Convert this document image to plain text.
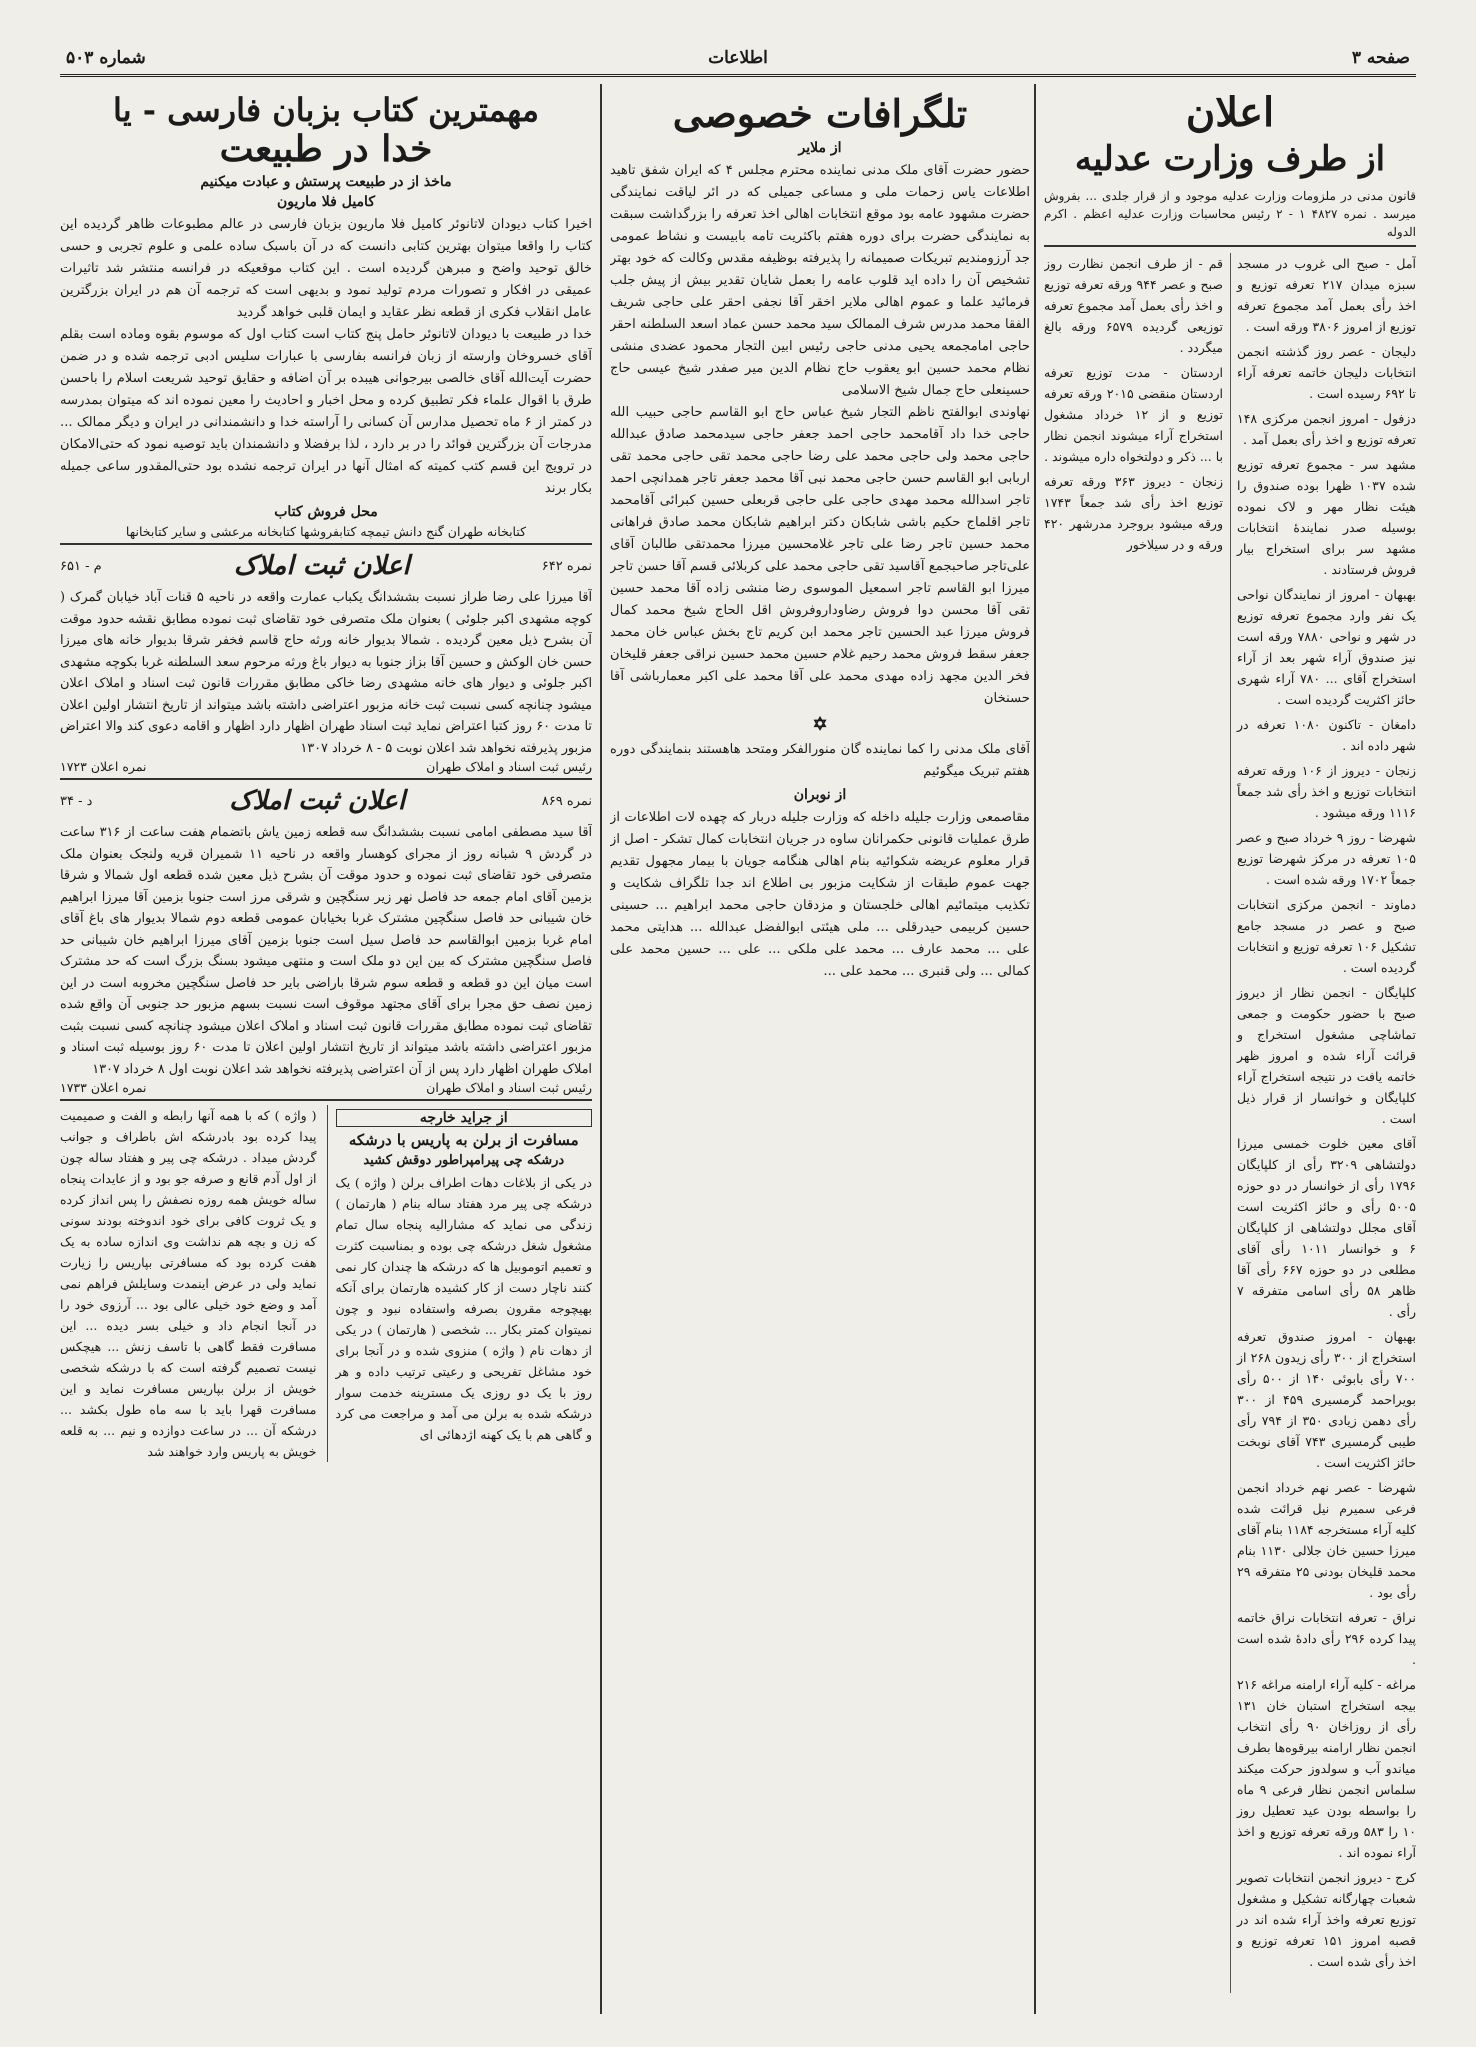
صفحه ۳
اطلاعات
شماره ۵۰۳
اعلان
از طرف وزارت عدلیه

قانون مدنی در ملزومات وزارت عدلیه موجود و از قرار جلدی ... بفروش میرسد . نمره ۴۸۲۷ ۱ - ۲ رئیس محاسبات وزارت عدلیه اعظم . اکرم الدوله

آمل - صبح الی غروب در مسجد سبزه میدان ۲۱۷ تعرفه توزیع و اخذ رأی بعمل آمد مجموع تعرفه توزیع از امروز ۳۸۰۶ ورقه است .

دلیجان - عصر روز گذشته انجمن انتخابات دلیجان خاتمه تعرفه آراء تا ۶۹۲ رسیده است .

دزفول - امروز انجمن مرکزی ۱۴۸ تعرفه توزیع و اخذ رأی بعمل آمد .

مشهد سر - مجموع تعرفه توزیع شده ۱۰۳۷ ظهرا بوده صندوق را هیئت نظار مهر و لاک نموده بوسیله صدر نمایندهٔ انتخابات مشهد سر برای استخراج بیار فروش فرستادند .

بهبهان - امروز از نمایندگان نواحی یک نفر وارد مجموع تعرفه توزیع در شهر و نواحی ۷۸۸۰ ورقه است نیز صندوق آراء شهر بعد از آراء استخراج آقای ... ۷۸۰ آراء شهری حائز اکثریت گردیده است .

دامغان - تاکنون ۱۰۸۰ تعرفه در شهر داده اند .

زنجان - دیروز از ۱۰۶ ورقه تعرفه انتخابات توزیع و اخذ رأی شد جمعاً ۱۱۱۶ ورقه میشود .

شهرضا - روز ۹ خرداد صبح و عصر ۱۰۵ تعرفه در مرکز شهرضا توزیع جمعاً ۱۷۰۲ ورقه شده است .

دماوند - انجمن مرکزی انتخابات صبح و عصر در مسجد جامع تشکیل ۱۰۶ تعرفه توزیع و انتخابات گردیده است .

کلپایگان - انجمن نظار از دیروز صبح با حضور حکومت و جمعی تماشاچی مشغول استخراج و قرائت آراء شده و امروز ظهر خاتمه یافت در نتیجه استخراج آراء کلپایگان و خوانسار از قرار ذیل است .

آقای معین خلوت خمسی میرزا دولتشاهی ۳۲۰۹ رأی از کلپایگان ۱۷۹۶ رأی از خوانسار در دو حوزه ۵۰۰۵ رأی و حائز اکثریت است آقای مجلل دولتشاهی از کلپایگان ۶ و خوانسار ۱۰۱۱ رأی آقای مطلعی در دو حوزه ۶۶۷ رأی آقا ظاهر ۵۸ رأی اسامی متفرقه ۷ رأی .

بهبهان - امروز صندوق تعرفه استخراج از ۳۰۰ رأی زیدون ۲۶۸ از ۷۰۰ رأی بابوئی ۱۴۰ از ۵۰۰ رأی بویراحمد گرمسیری ۴۵۹ از ۳۰۰ رأی دهمن زیادی ۳۵۰ از ۷۹۴ رأی طیبی گرمسیری ۷۴۳ آقای نوبخت حائز اکثریت است .

شهرضا - عصر نهم خرداد انجمن فرعی سمیرم نیل قرائت شده کلیه آراء مستخرجه ۱۱۸۴ بنام آقای میرزا حسین خان جلالی ۱۱۳۰ بنام محمد قلیخان بودنی ۲۵ متفرقه ۲۹ رأی بود .

نراق - تعرفه انتخابات نراق خاتمه پیدا کرده ۲۹۶ رأی دادهٔ شده است .

مراغه - کلیه آراء ارامنه مراغه ۲۱۶ بیجه استخراج استبان خان ۱۳۱ رأی از روزاخان ۹۰ رأی انتخاب انجمن نظار ارامنه بیرقوه‌ها بطرف میاندو آب و سولدوز حرکت میکند سلماس انجمن نظار فرعی ۹ ماه را بواسطه بودن عید تعطیل روز ۱۰ را ۵۸۳ ورقه تعرفه توزیع و اخذ آراء نموده اند .

کرج - دیروز انجمن انتخابات تصویر شعبات چهارگانه تشکیل و مشغول توزیع تعرفه واخذ آراء شده اند در قصبه امروز ۱۵۱ تعرفه توزیع و اخذ رأی شده است .

قم - از طرف انجمن نظارت روز صبح و عصر ۹۴۴ ورقه تعرفه توزیع و اخذ رأی بعمل آمد مجموع تعرفه توزیعی گردیده ۶۵۷۹ ورقه بالغ میگردد .

اردستان - مدت توزیع تعرفه اردستان منقضی ۲۰۱۵ ورقه تعرفه توزیع و از ۱۲ خرداد مشغول استخراج آراء میشوند انجمن نظار با ... ذکر و دولتخواه داره میشوند .

زنجان - دیروز ۳۶۳ ورقه تعرفه توزیع اخذ رأی شد جمعاً ۱۷۴۳ ورقه میشود بروجرد مدرشهر ۴۲۰ ورقه و در سیلاخور

تلگرافات خصوصی
از ملایر

حضور حضرت آقای ملک مدنی نماینده محترم مجلس ۴ که ایران شفق تاهید اطلاعات یاس زحمات ملی و مساعی جمیلی که در ائر لیاقت نمایندگی حضرت مشهود عامه بود موقع انتخابات اهالی اخذ تعرفه را بزرگداشت سبقت به نمایندگی حضرت برای دوره هفتم باکثریت تامه بابیست و نشاط عمومی جد آرزومندیم تبریکات صمیمانه را پذیرفته بوظیفه مقدس وکالت که خود بهتر تشخیص آن را داده اید قلوب عامه را بعمل شایان تقدیر بیش از پیش جلب فرمائید علما و عموم اهالی ملایر اخقر آقا نجفی احقر علی حاجی شریف الفقا محمد مدرس شرف الممالک سید محمد حسن عماد اسعد السلطنه احقر حاجی امامجمعه یحیی مدنی حاجی رئیس ابین التجار محمود عضدی منشی نظام محمد حسین ابو یعقوب حاج نظام الدین میر صفدر شیخ عیسی حاج حسینعلی حاج جمال شیخ الاسلامی

نهاوندی ابوالفتح ناظم التجار شیخ عباس حاج ابو القاسم حاجی حبیب الله حاجی خدا داد آقامحمد حاجی احمد جعفر حاجی سیدمحمد صادق عبدالله حاجی محمد ولی حاجی محمد علی رضا حاجی محمد تقی حاجی محمد تقی اربابی ابو القاسم حسن حاجی محمد نبی آقا محمد جعفر تاجر همدانچی احمد تاجر اسدالله محمد مهدی حاجی علی حاجی قربعلی حسین کبرائی آقامحمد تاجر اقلماج حکیم باشی شابکان دکتر ابراهیم شابکان محمد صادق فراهانی محمد حسین تاجر رضا علی تاجر غلامحسین میرزا محمدتقی طالبان آقای علی‌تاجر صاحبجمع آقاسید تقی حاجی محمد علی کربلائی قسم آقا حسن تاجر میرزا ابو القاسم تاجر اسمعیل الموسوی رضا منشی زاده آقا محمد حسین تقی آقا محسن دوا فروش رضاوداروفروش اقل الحاج شیخ محمد کمال فروش میرزا عبد الحسین تاجر محمد ابن کریم تاج بخش عباس خان محمد جعفر سقط فروش محمد رحیم غلام حسین محمد حسین نراقی جعفر قلیخان فخر الدین مجهد زاده مهدی محمد علی آقا محمد علی اکبر معمارباشی آقا حسنخان

✡

آقای ملک مدنی را کما نماینده گان منورالفکر ومتحد هاهستند بنمایندگی دوره هفتم تبریک میگوئیم

از نوبران

مقاصمعی وزارت جلیله داخله که وزارت جلیله دربار که چهده لات اطلاعات از طرق عملیات قانونی حکمرانان ساوه در جریان انتخابات کمال تشکر - اصل از قرار معلوم عریضه شکوائیه بنام اهالی هنگامه جویان با بیمار مجهول تقدیم جهت عموم طبقات از شکایت مزبور بی اطلاع اند جدا تلگراف شکایت و تکذیب میتمائیم اهالی خلجستان و مزدقان حاجی محمد ابراهیم ... حسینی حسین کربیمی حیدرقلی ... ملی هیئتی ابوالفضل عبدالله ... هدایتی محمد علی ... محمد عارف ... محمد علی ملکی ... علی ... حسین محمد علی کمالی ... ولی قنبری ... محمد علی ...

مهمترین کتاب بزبان فارسی - یا
خدا در طبیعت
ماخذ از در طبیعت پرستش و عبادت میکنیم
کامیل فلا ماریون

اخیرا کتاب دیودان لاتانوئر کامیل فلا ماریون بزبان فارسی در عالم مطبوعات ظاهر گردیده این کتاب را واقعا میتوان بهترین کتابی دانست که در آن باسبک ساده علمی و علوم تجربی و حسی خالق توحید واضح و مبرهن گردیده است . این کتاب موقعیکه در فرانسه منتشر شد تاثیرات عمیقی در افکار و تصورات مردم تولید نمود و بدیهی است که ترجمه آن هم در ایران بزرگترین عامل انقلاب فکری از قطعه نظر عقاید و ایمان قلبی خواهد گردید

خدا در طبیعت با دیودان لاتانوئر حامل پنج کتاب است کتاب اول که موسوم بقوه وماده است بقلم آقای خسروخان وارسته از زبان فرانسه بفارسی با عبارات سلیس ادبی ترجمه شده و در ضمن حضرت آیت‌الله آقای خالصی بیرجوانی هیبده بر آن اضافه و حقایق توحید شریعت اسلام را باحسن طرق با اقوال علماء فکر تطبیق کرده و محل اخبار و احادیث را معین نموده اند که میتوان بمدرسه در کمتر از ۶ ماه تحصیل مدارس آن کسانی را آراسته خدا و دانشمندانی در ایران و دیگر ممالک ... مدرجات آن بزرگترین فوائد را در بر دارد ، لذا برفضلا و دانشمندان باید توصیه نمود که حتی‌الامکان در ترویج این قسم کتب کمیته که امثال آنها در ایران ترجمه نشده بود حتی‌المقدور ساعی جمیله بکار برند

محل فروش کتاب
کتابخانه طهران گنج دانش تیمچه کتابفروشها کتابخانه مرعشی و سایر کتابخانها
نمره ۶۴۲
اعلان ثبت املاک
م - ۶۵۱

آقا میرزا علی رضا طراز نسبت بششدانگ یکباب عمارت واقعه در ناحیه ۵ قنات آباد خیابان گمرک ( کوچه مشهدی اکبر جلوئی ) بعنوان ملک متصرفی خود تقاضای ثبت نموده مطابق نقشه حدود موقت آن بشرح ذیل معین گردیده . شمالا بدیوار خانه ورثه حاج قاسم فخفر شرقا بدیوار خانه های میرزا حسن خان الوکش و حسین آقا بزاز جنوبا به دیوار باغ ورثه مرحوم سعد السلطنه غربا بکوچه مشهدی اکبر جلوئی و دیوار های خانه مشهدی رضا خاکی مطابق مقررات قانون ثبت اسناد و املاک اعلان میشود چنانچه کسی نسبت ثبت خانه مزبور اعتراضی داشته باشد میتواند از تاریخ انتشار اولین اعلان تا مدت ۶۰ روز کتبا اعتراض نماید ثبت اسناد طهران اظهار دارد اظهار و اقامه دعوی کند والا اعتراض مزبور پذیرفته نخواهد شد اعلان نوبت ۵ - ۸ خرداد ۱۳۰۷

رئیس ثبت اسناد و املاک طهران
نمره اعلان ۱۷۲۳
نمره ۸۶۹
اعلان ثبت املاک
د - ۳۴

آقا سید مصطفی امامی نسبت بششدانگ سه قطعه زمین یاش باتضمام هفت ساعت از ۳۱۶ ساعت در گردش ۹ شبانه روز از مجرای کوهسار واقعه در ناحیه ۱۱ شمیران قریه ولنجک بعنوان ملک متصرفی خود تقاضای ثبت نموده و حدود موقت آن بشرح ذیل معین شده قطعه اول شمالا و شرقا بزمین آقای امام جمعه حد فاصل نهر زیر سنگچین و شرقی مرز است جنوبا بزمین آقا میرزا ابراهیم خان شیبانی حد فاصل سنگچین مشترک غربا بخیابان عمومی قطعه دوم شمالا بدیوار های باغ آقای امام غربا بزمین ابوالقاسم حد فاصل سیل است جنوبا بزمین آقای میرزا ابراهیم خان شیبانی حد فاصل سنگچین مشترک که بین این دو ملک است و منتهی میشود بسنگ بزرگ است که حد مشترک است میان این دو قطعه و قطعه سوم شرقا باراضی بایر حد فاصل سنگچین مخروبه است در این زمین نصف حق مجرا برای آقای مجتهد موقوف است نسبت بسهم مزبور حد جنوبی آن واقع شده تقاضای ثبت نموده مطابق مقررات قانون ثبت اسناد و املاک اعلان میشود چنانچه کسی نسبت بثبت مزبور اعتراضی داشته باشد میتواند از تاریخ انتشار اولین اعلان تا مدت ۶۰ روز بوسیله ثبت اسناد و املاک طهران اظهار دارد پس از آن اعتراضی پذیرفته نخواهد شد اعلان نوبت اول ۸ خرداد ۱۳۰۷

رئیس ثبت اسناد و املاک طهران
نمره اعلان ۱۷۳۳
از جراید خارجه
مسافرت از برلن به پاریس با درشکه
درشکه چی پیرامپراطور دوقش کشید

در یکی از بلاغات دهات اطراف برلن ( واژه ) یک درشکه چی پیر مرد هفتاد ساله بنام ( هارتمان ) زندگی می نماید که مشارالیه پنجاه سال تمام مشغول شغل درشکه چی بوده و بمناسبت کثرت و تعمیم اتوموبیل ها که درشکه ها چندان کار نمی کنند ناچار دست از کار کشیده هارتمان برای آنکه بهیچوجه مقرون بصرفه واستفاده نبود و چون نمیتوان کمتر بکار ... شخصی ( هارتمان ) در یکی از دهات نام ( واژه ) منزوی شده و در آنجا برای خود مشاغل تفریحی و رعیتی ترتیب داده و هر روز با یک دو روزی یک مسترینه خدمت سوار درشکه شده به برلن می آمد و مراجعت می کرد و گاهی هم با یک کهنه اژدهائی ای

( واژه ) که با همه آنها رابطه و الفت و صمیمیت پیدا کرده بود بادرشکه اش باطراف و جوانب گردش میداد . درشکه چی پیر و هفتاد ساله چون از اول آدم قانع و صرفه جو بود و از عایدات پنجاه ساله خویش همه روزه نصفش را پس انداز کرده و یک ثروت کافی برای خود اندوخته بودند سونی که زن و بچه هم نداشت وی اندازه ساده به یک هفت کرده بود که مسافرتی بپاریس را زیارت نماید ولی در عرض اینمدت وسایلش فراهم نمی آمد و وضع خود خیلی عالی بود ... آرزوی خود را در آنجا انجام داد و خیلی بسر دیده ... این مسافرت فقط گاهی با تاسف زنش ... هیچکس نیست تصمیم گرفته است که با درشکه شخصی خویش از برلن بپاریس مسافرت نماید و این مسافرت قهرا باید با سه ماه طول بکشد ... درشکه آن ... در ساعت دوازده و نیم ... به قلعه خویش به پاریس وارد خواهند شد
